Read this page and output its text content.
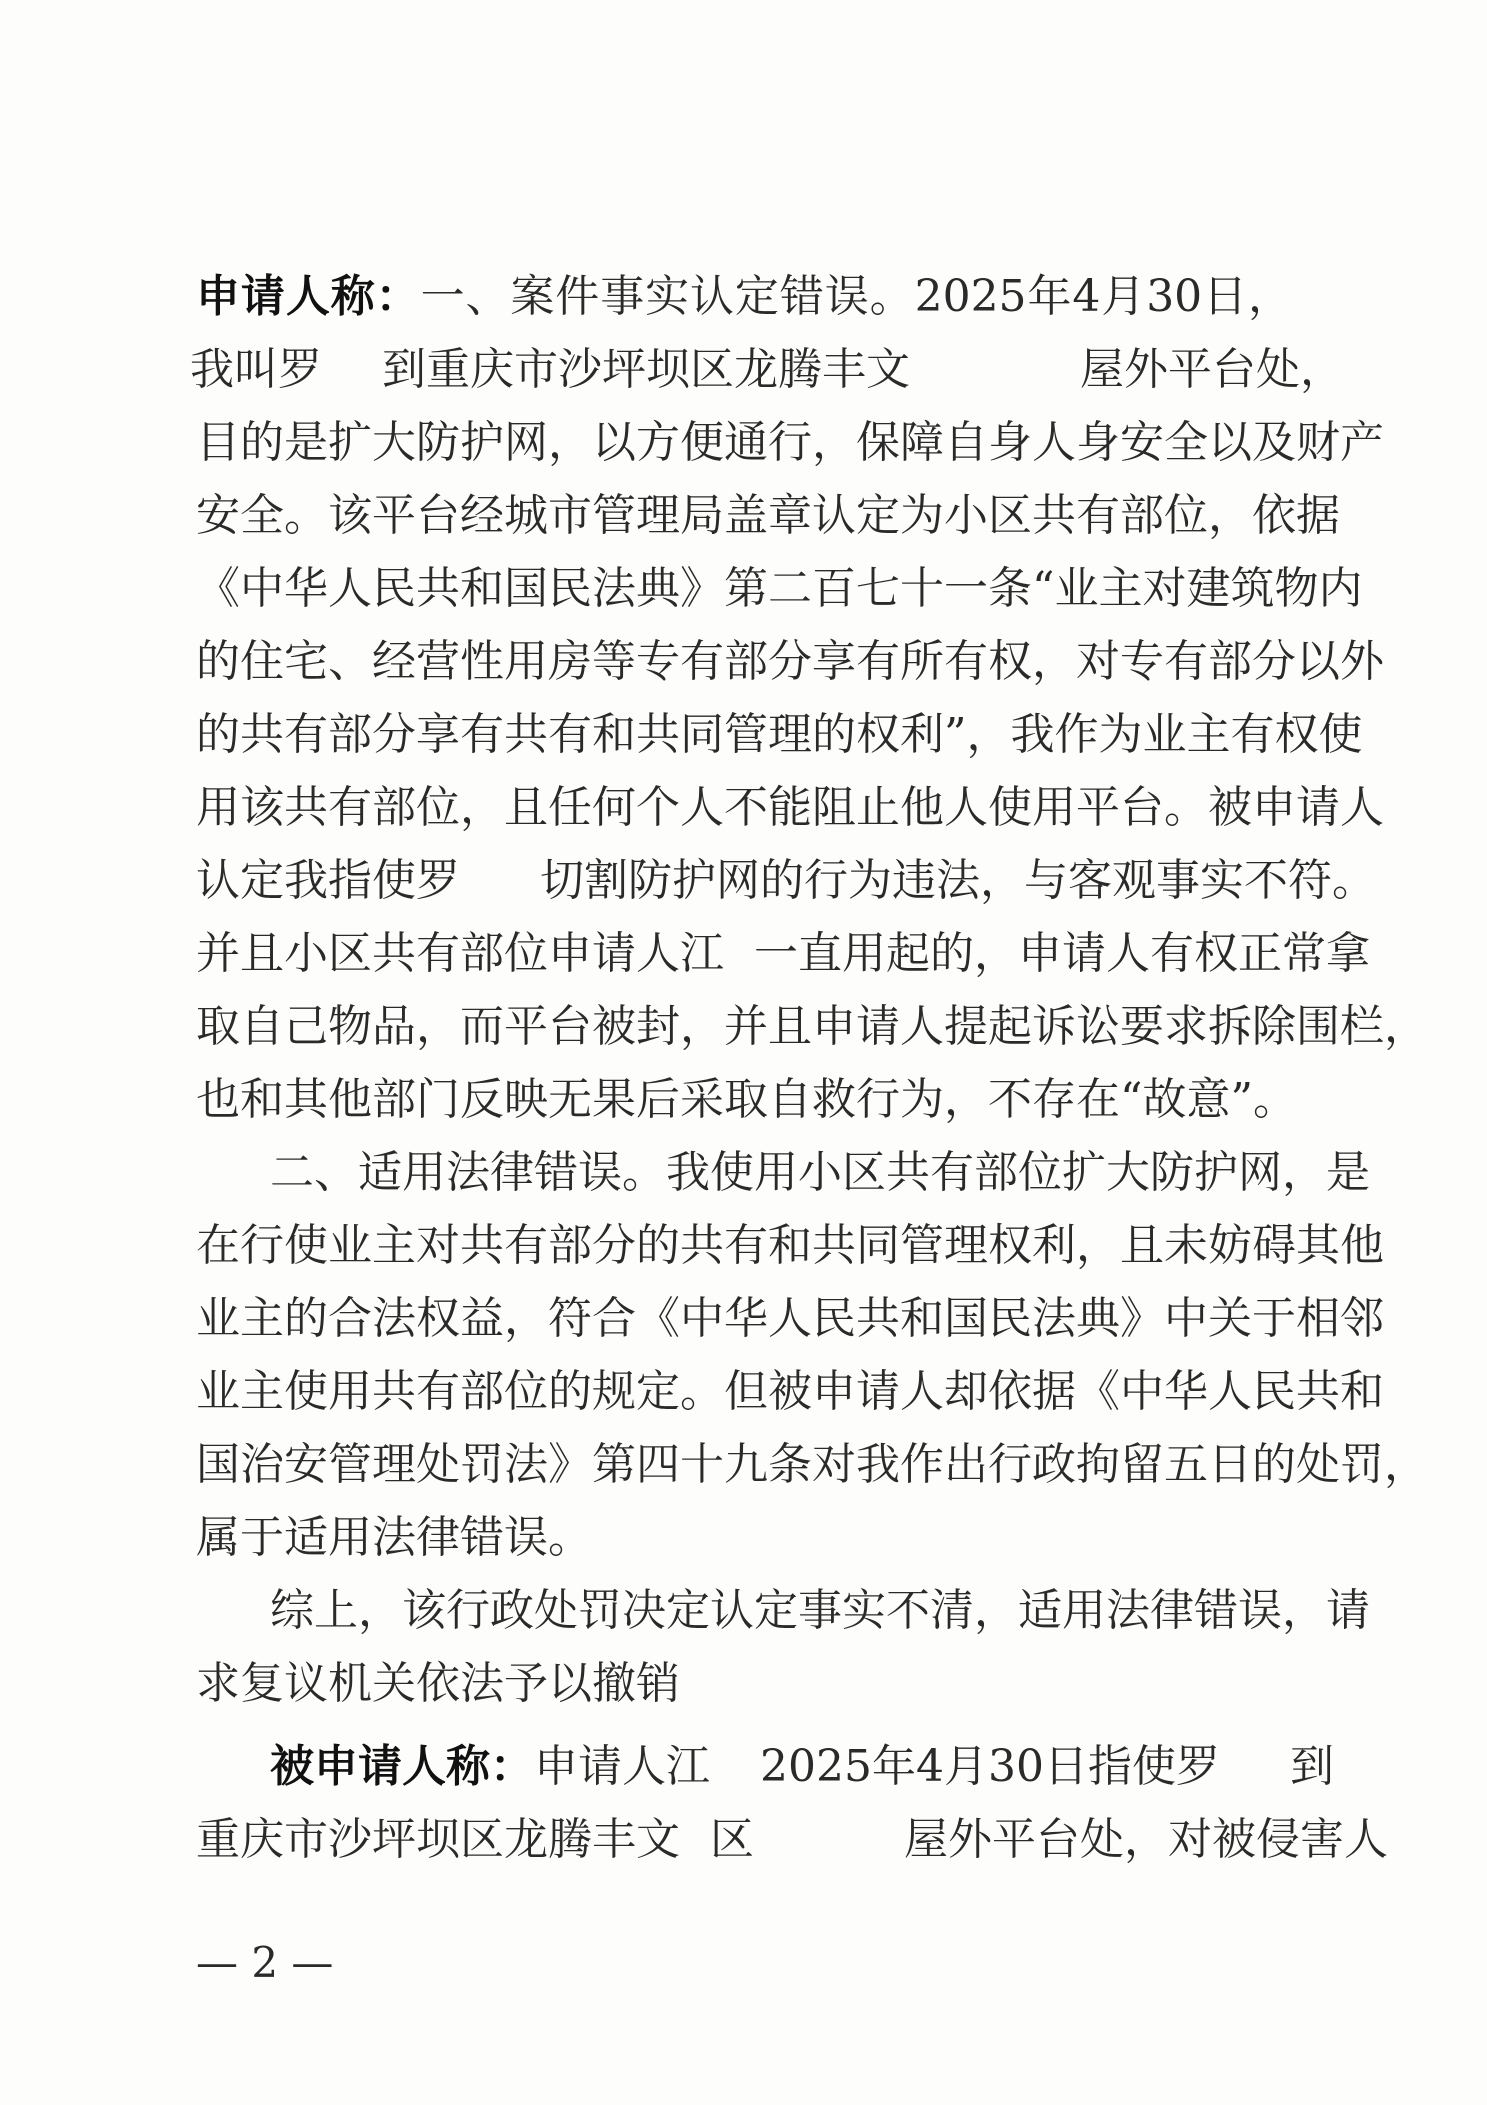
申请人称：一、案件事实认定错误。2025年4月30日，
我叫罗 到重庆市沙坪坝区龙腾丰文	屋外平台处，
目的是扩大防护网，以方便通行，保障自身人身安全以及财产
安全。该平台经城市管理局盖章认定为小区共有部位，依据
《中华人民共和国民法典》第二百七十一条“业主对建筑物内
的住宅、经营性用房等专有部分享有所有权，对专有部分以外
的共有部分享有共有和共同管理的权利”，我作为业主有权使
用该共有部位，且任何个人不能阻止他人使用平台。被申请人
认定我指使罗 切割防护网的行为违法，与客观事实不符。
并且小区共有部位申请人江 一直用起的，申请人有权正常拿
取自己物品，而平台被封，并且申请人提起诉讼要求拆除围栏，
也和其他部门反映无果后采取自救行为，不存在“故意”。
二、适用法律错误。我使用小区共有部位扩大防护网，是
在行使业主对共有部分的共有和共同管理权利，且未妨碍其他
业主的合法权益，符合《中华人民共和国民法典》中关于相邻
业主使用共有部位的规定。但被申请人却依据《中华人民共和
国治安管理处罚法》第四十九条对我作出行政拘留五日的处罚，
属于适用法律错误。
综上，该行政处罚决定认定事实不清，适用法律错误，请
求复议机关依法予以撤销
被申请人称：申请人江 2025年4月30日指使罗 到
重庆市沙坪坝区龙腾丰文 区	屋外平台处，对被侵害人
— 2 —
